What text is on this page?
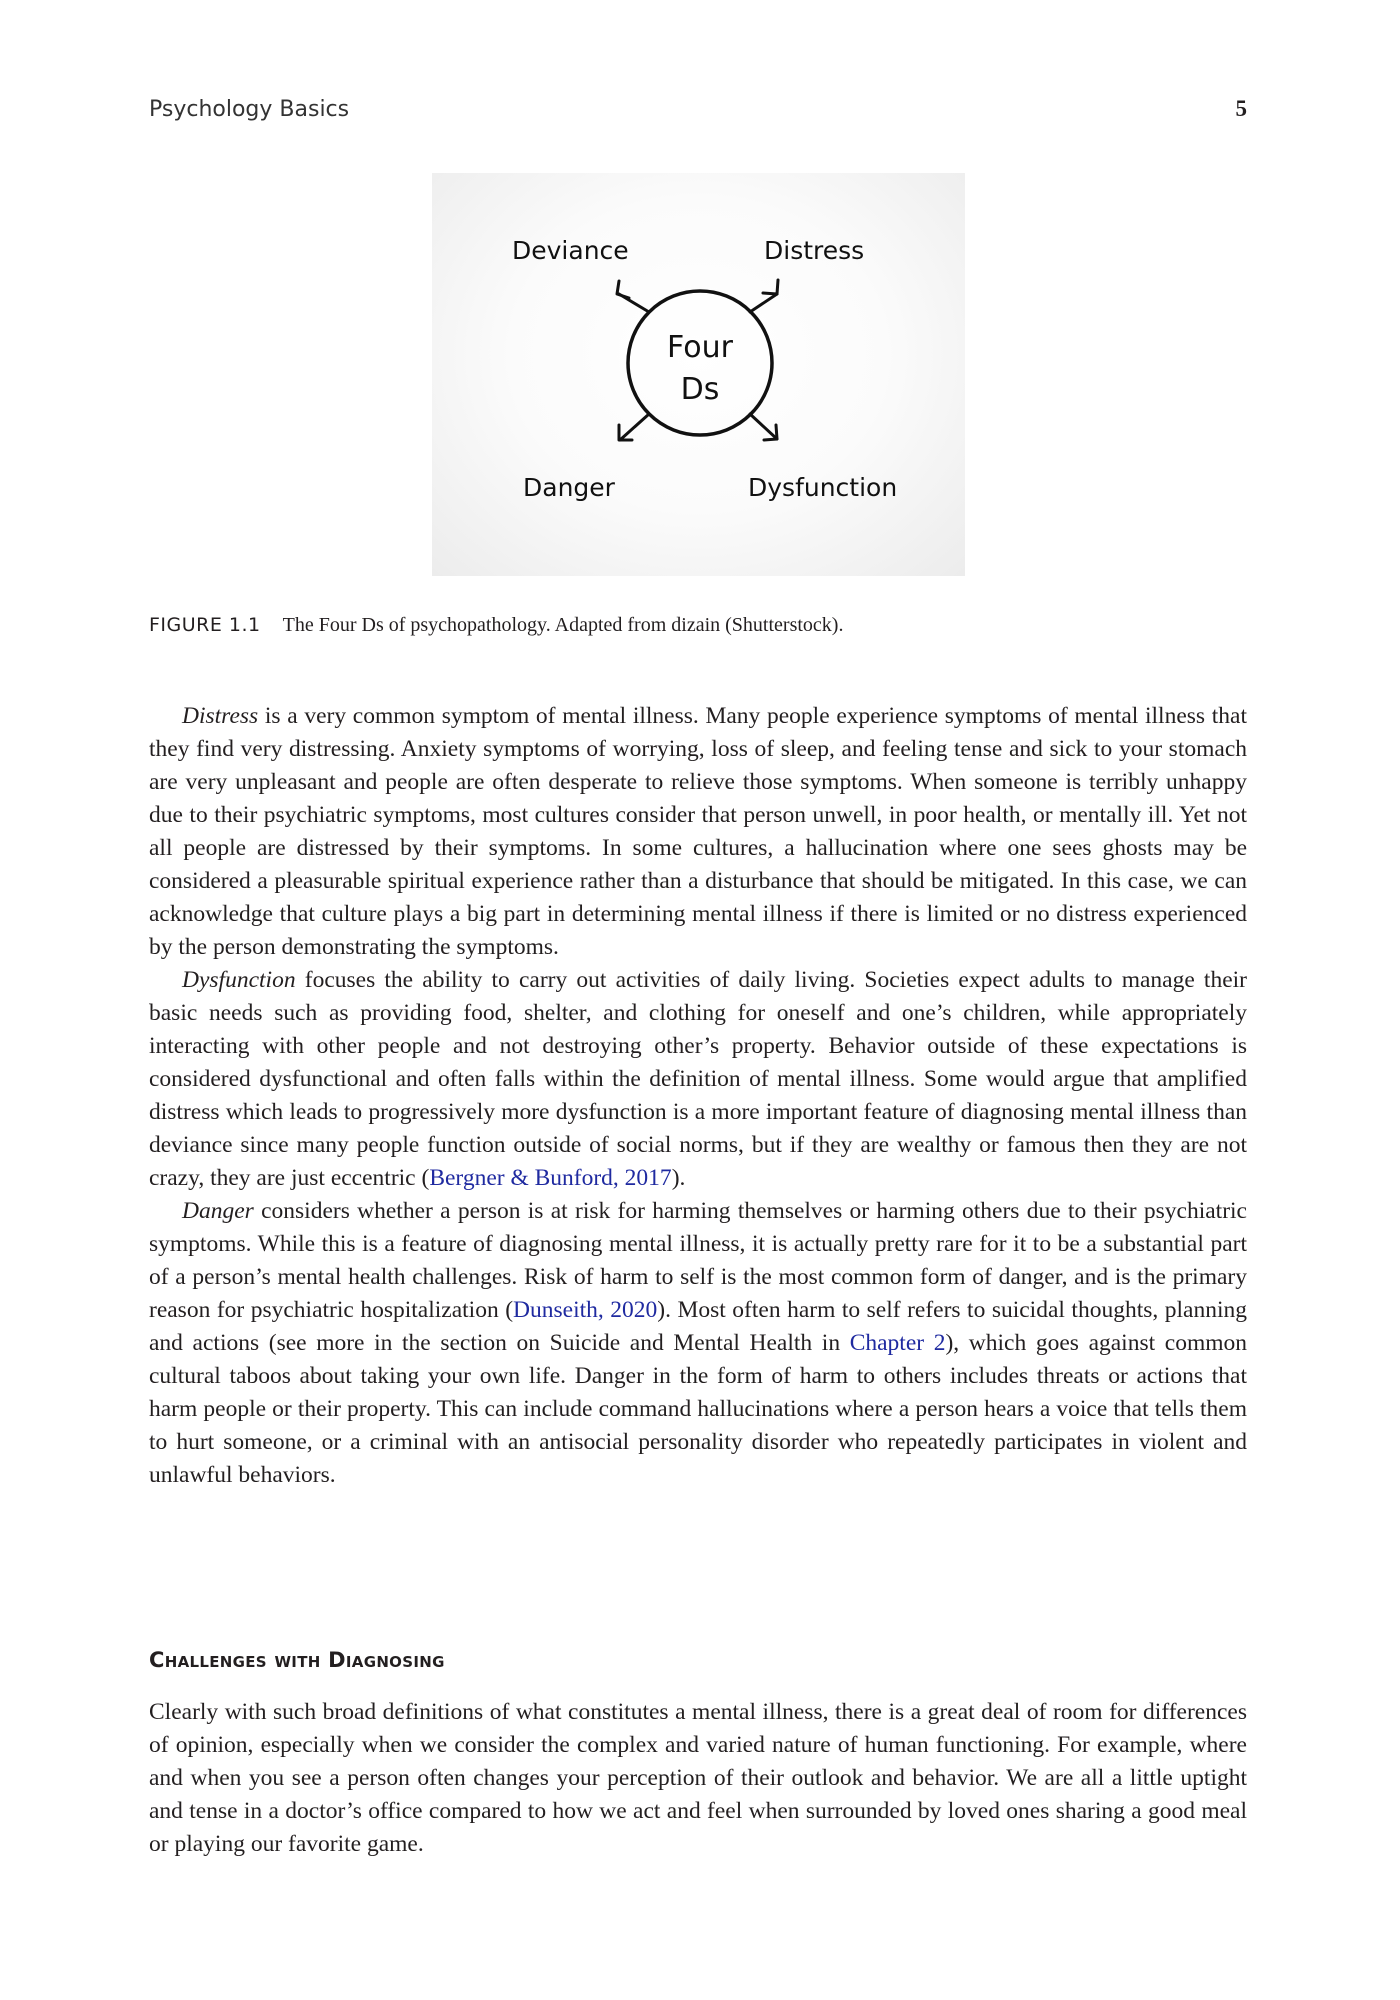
Psychology Basics	5
Deviance	Distress
Danger	Dysfunction
Four
Ds
FIGURE 1.1 The Four Ds of psychopathology. Adapted from dizain (Shutterstock).

Distress is a very common symptom of mental illness. Many people experience symptoms of mental illness that they find very distressing. Anxiety symptoms of worrying, loss of sleep, and feeling tense and sick to your stomach are very unpleasant and people are often desperate to relieve those symptoms. When someone is terribly unhappy due to their psychiatric symptoms, most cultures consider that person unwell, in poor health, or mentally ill. Yet not all people are distressed by their symptoms. In some cultures, a hallucination where one sees ghosts may be considered a pleasurable spiritual experience rather than a disturbance that should be mitigated. In this case, we can acknowledge that culture plays a big part in determining mental illness if there is limited or no distress experienced by the person demonstrating the symptoms.

Dysfunction focuses the ability to carry out activities of daily living. Societies expect adults to manage their basic needs such as providing food, shelter, and clothing for oneself and one’s children, while appropriately interacting with other people and not destroying other’s property. Behavior outside of these expectations is considered dysfunctional and often falls within the definition of mental illness. Some would argue that amplified distress which leads to progressively more dysfunction is a more important feature of diagnosing mental illness than deviance since many people function outside of social norms, but if they are wealthy or famous then they are not crazy, they are just eccentric (Bergner & Bunford, 2017).

Danger considers whether a person is at risk for harming themselves or harming others due to their psychiatric symptoms. While this is a feature of diagnosing mental illness, it is actually pretty rare for it to be a substantial part of a person’s mental health challenges. Risk of harm to self is the most common form of danger, and is the primary reason for psychiatric hospitalization (Dunseith, 2020). Most often harm to self refers to suicidal thoughts, planning and actions (see more in the section on Suicide and Mental Health in Chapter 2), which goes against common cultural taboos about taking your own life. Danger in the form of harm to others includes threats or actions that harm people or their property. This can include command hallucinations where a person hears a voice that tells them to hurt someone, or a criminal with an antisocial personality disorder who repeatedly participates in violent and unlawful behaviors.

Challenges with Diagnosing

Clearly with such broad definitions of what constitutes a mental illness, there is a great deal of room for differences of opinion, especially when we consider the complex and varied nature of human functioning. For example, where and when you see a person often changes your perception of their outlook and behavior. We are all a little uptight and tense in a doctor’s office compared to how we act and feel when surrounded by loved ones sharing a good meal or playing our favorite game.
